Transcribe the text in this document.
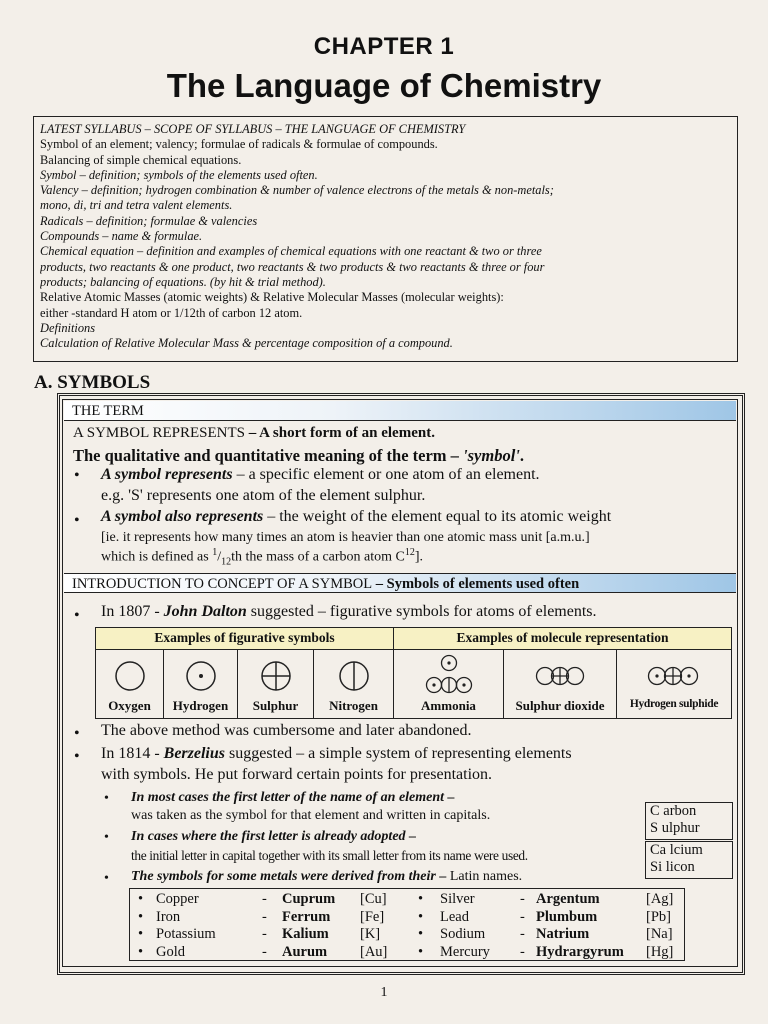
CHAPTER 1
The Language of Chemistry
LATEST SYLLABUS – SCOPE OF SYLLABUS – THE LANGUAGE OF CHEMISTRY
Symbol of an element; valency; formulae of radicals & formulae of compounds.
Balancing of simple chemical equations.
Symbol – definition; symbols of the elements used often.
Valency – definition; hydrogen combination & number of valence electrons of the metals & non-metals;
mono, di, tri and tetra valent elements.
Radicals – definition; formulae & valencies
Compounds – name & formulae.
Chemical equation – definition and examples of chemical equations with one reactant & two or three
products, two reactants & one product, two reactants & two products & two reactants & three or four
products; balancing of equations. (by hit & trial method).
Relative Atomic Masses (atomic weights) & Relative Molecular Masses (molecular weights):
either -standard H atom or 1/12th of carbon 12 atom.
Definitions
Calculation of Relative Molecular Mass & percentage composition of a compound.
A. SYMBOLS
THE TERM
A SYMBOL REPRESENTS – A short form of an element.
The qualitative and quantitative meaning of the term – 'symbol'.
• A symbol represents – a specific element or one atom of an element.
e.g. 'S' represents one atom of the element sulphur.
• A symbol also represents – the weight of the element equal to its atomic weight
[ie. it represents how many times an atom is heavier than one atomic mass unit [a.m.u.]
which is defined as $^1/_{12}th$ the mass of a carbon atom $C^{12}$].
INTRODUCTION TO CONCEPT OF A SYMBOL – Symbols of elements used often
• In 1807 - John Dalton suggested – figurative symbols for atoms of elements.
Examples of figurative symbols	Examples of molecule representation
Oxygen	Hydrogen	Sulphur	Nitrogen	Ammonia	Sulphur dioxide	Hydrogen sulphide
• The above method was cumbersome and later abandoned.
• In 1814 - Berzelius suggested – a simple system of representing elements
with symbols. He put forward certain points for presentation.
• In most cases the first letter of the name of an element –
was taken as the symbol for that element and written in capitals.
• In cases where the first letter is already adopted –
the initial letter in capital together with its small letter from its name were used.
• The symbols for some metals were derived from their – Latin names.
C arbon
S ulphur
Ca lcium
Si licon
• Copper	- Cuprum [Cu] • Silver	- Argentum	[Ag]
• Iron	- Ferrum [Fe] • Lead	- Plumbum	[Pb]
• Potassium	- Kalium [K]	• Sodium - Natrium	[Na]
• Gold	- Aurum [Au] • Mercury - Hydrargyrum [Hg]
1
